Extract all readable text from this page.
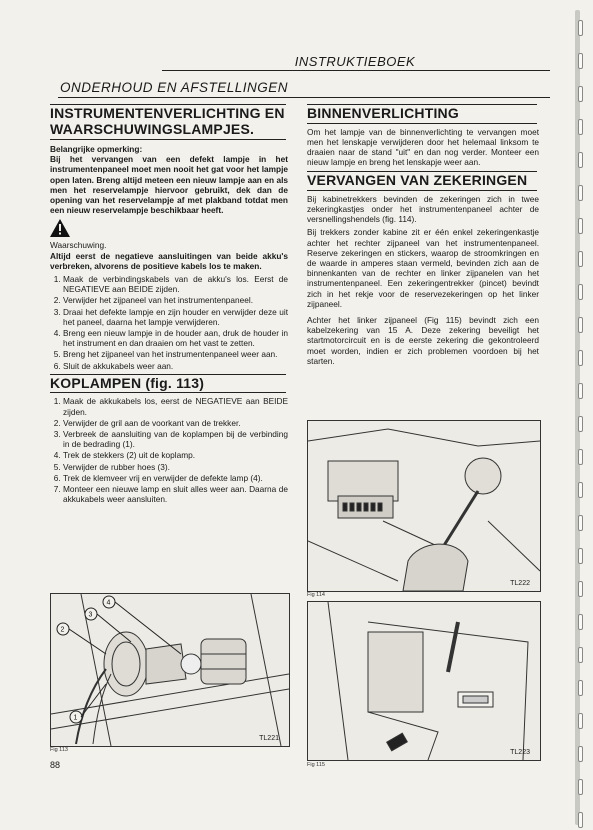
INSTRUKTIEBOEK
ONDERHOUD EN AFSTELLINGEN
INSTRUMENTENVERLICHTING EN WAARSCHUWINGSLAMPJES.
Belangrijke opmerking:

Bij het vervangen van een defekt lampje in het instrumentenpaneel moet men nooit het gat voor het lampje open laten. Breng altijd meteen een nieuw lampje aan en als men het reservelampje hiervoor gebruikt, dek dan de opening van het reservelampje af met plakband totdat men een nieuw reservelampje beschikbaar heeft.

Waarschuwing.

Altijd eerst de negatieve aansluitingen van beide akku's verbreken, alvorens de positieve kabels los te maken.

1. Maak de verbindingskabels van de akku's los. Eerst de NEGATIEVE aan BEIDE zijden.
2. Verwijder het zijpaneel van het instrumentenpaneel.
3. Draai het defekte lampje en zijn houder en verwijder deze uit het paneel, daarna het lampje verwijderen.
4. Breng een nieuw lampje in de houder aan, druk de houder in het instrument en dan draaien om het vast te zetten.
5. Breng het zijpaneel van het instrumentenpaneel weer aan.
6. Sluit de akkukabels weer aan.
KOPLAMPEN (fig. 113)
1. Maak de akkukabels los, eerst de NEGATIEVE aan BEIDE zijden.
2. Verwijder de gril aan de voorkant van de trekker.
3. Verbreek de aansluiting van de koplampen bij de verbinding in de bedrading (1).
4. Trek de stekkers (2) uit de koplamp.
5. Verwijder de rubber hoes (3).
6. Trek de klemveer vrij en verwijder de defekte lamp (4).
7. Monteer een nieuwe lamp en sluit alles weer aan. Daarna de akkukabels weer aansluiten.
1
2
3
4
TL221
Fig 113
88
BINNENVERLICHTING

Om het lampje van de binnenverlichting te vervangen moet men het lenskapje verwijderen door het helemaal linksom te draaien naar de stand "uit" en dan nog verder. Monteer een nieuw lampje en breng het lenskapje weer aan.

VERVANGEN VAN ZEKERINGEN

Bij kabinetrekkers bevinden de zekeringen zich in twee zekeringkastjes onder het instrumentenpaneel achter de versnellingshendels (fig. 114).

Bij trekkers zonder kabine zit er één enkel zekeringenkastje achter het rechter zijpaneel van het instrumentenpaneel. Reserve zekeringen en stickers, waarop de stroomkringen en de waarde in amperes staan vermeld, bevinden zich aan de binnenkanten van de rechter en linker zijpanelen van het instrumentenpaneel. Een zekeringentrekker (pincet) bevindt zich in het rekje voor de reservezekeringen op het linker zijpaneel.

Achter het linker zijpaneel (Fig 115) bevindt zich een kabelzekering van 15 A. Deze zekering beveiligt het startmotorcircuit en is de eerste zekering die gekontroleerd moet worden, indien er zich problemen voordoen bij het starten.

TL222
Fig 114
TL223
Fig 115
